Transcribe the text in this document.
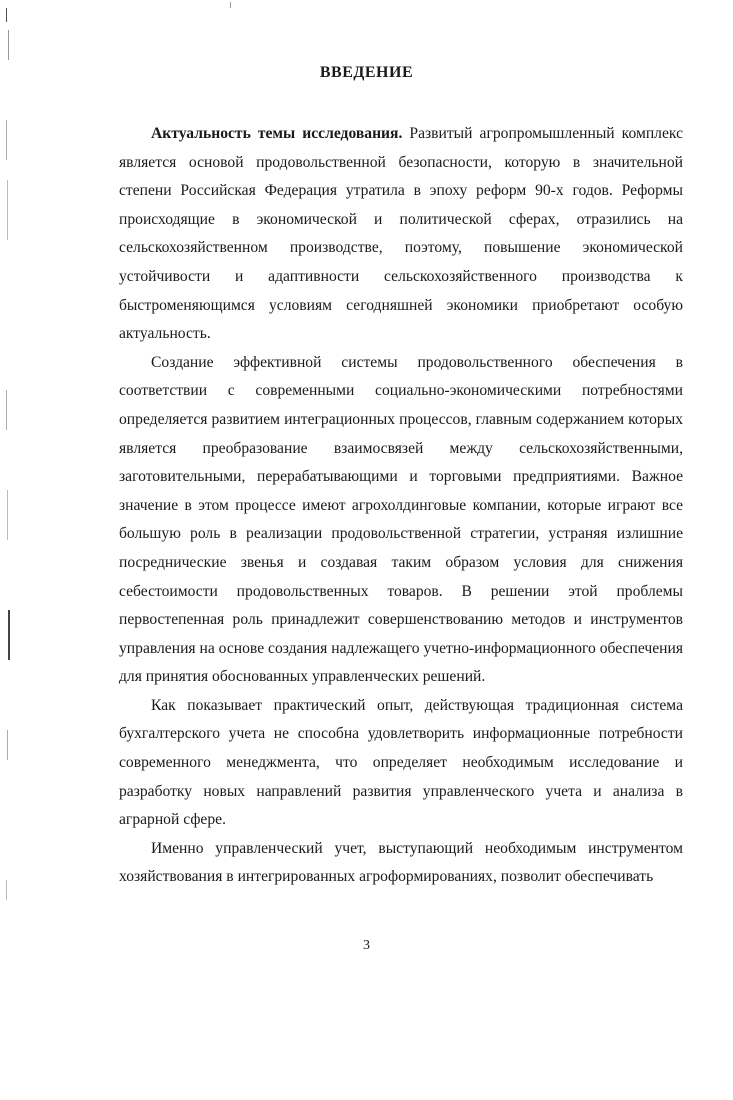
ВВЕДЕНИЕ

Актуальность темы исследования. Развитый агропромышленный комплекс является основой продовольственной безопасности, которую в значительной степени Российская Федерация утратила в эпоху реформ 90-х годов. Реформы происходящие в экономической и политической сферах, отразились на сельскохозяйственном производстве, поэтому, повышение экономической устойчивости и адаптивности сельскохозяйственного производства к быстроменяющимся условиям сегодняшней экономики приобретают особую актуальность.

Создание эффективной системы продовольственного обеспечения в соответствии с современными социально-экономическими потребностями определяется развитием интеграционных процессов, главным содержанием которых является преобразование взаимосвязей между сельскохозяйственными, заготовительными, перерабатывающими и торговыми предприятиями. Важное значение в этом процессе имеют агрохолдинговые компании, которые играют все большую роль в реализации продовольственной стратегии, устраняя излишние посреднические звенья и создавая таким образом условия для снижения себестоимости продовольственных товаров. В решении этой проблемы первостепенная роль принадлежит совершенствованию методов и инструментов управления на основе создания надлежащего учетно-информационного обеспечения для принятия обоснованных управленческих решений.

Как показывает практический опыт, действующая традиционная система бухгалтерского учета не способна удовлетворить информационные потребности современного менеджмента, что определяет необходимым исследование и разработку новых направлений развития управленческого учета и анализа в аграрной сфере.

Именно управленческий учет, выступающий необходимым инструментом хозяйствования в интегрированных агроформированиях, позволит обеспечивать

3
